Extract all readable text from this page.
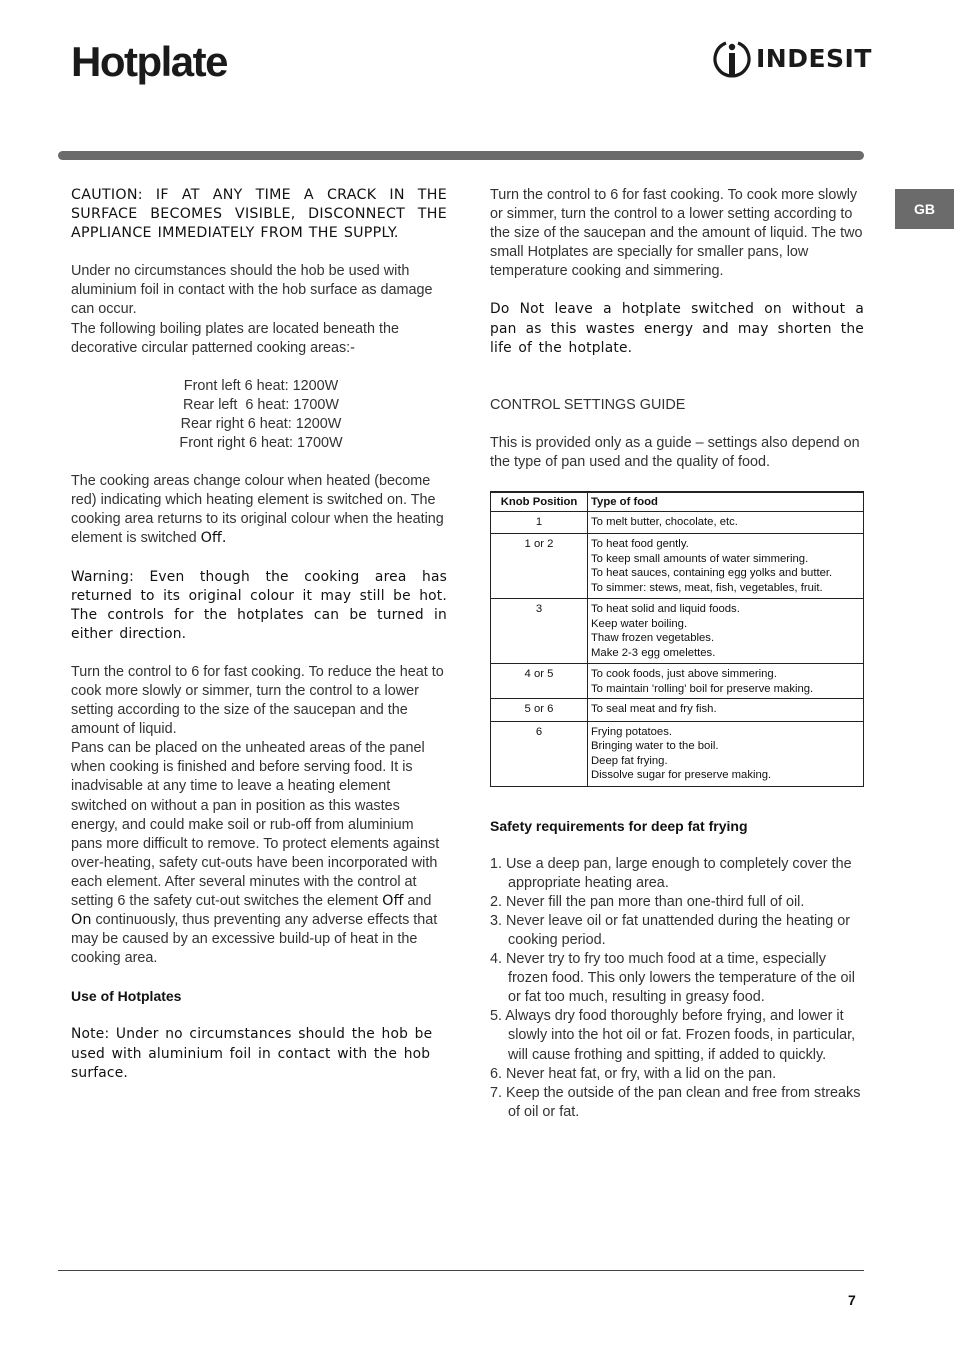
Hotplate	INDESIT
GB

CAUTION: IF AT ANY TIME A CRACK IN THE SURFACE BECOMES VISIBLE, DISCONNECT THE APPLIANCE IMMEDIATELY FROM THE SUPPLY.

Under no circumstances should the hob be used with aluminium foil in contact with the hob surface as damage can occur.

The following boiling plates are located beneath the decorative circular patterned cooking areas:-

Front left 6 heat: 1200W
Rear left  6 heat: 1700W
Rear right 6 heat: 1200W
Front right 6 heat: 1700W

The cooking areas change colour when heated (become red) indicating which heating element is switched on. The cooking area returns to its original colour when the heating element is switched Off.

Warning: Even though the cooking area has returned to its original colour it may still be hot. The controls for the hotplates can be turned in either direction.

Turn the control to 6 for fast cooking. To reduce the heat to cook more slowly or simmer, turn the control to a lower setting according to the size of the saucepan and the amount of liquid.

Pans can be placed on the unheated areas of the panel when cooking is finished and before serving food. It is inadvisable at any time to leave a heating element switched on without a pan in position as this wastes energy, and could make soil or rub-off from aluminium pans more difficult to remove. To protect elements against over-heating, safety cut-outs have been incorporated with each element. After several minutes with the control at setting 6 the safety cut-out switches the element Off and On continuously, thus preventing any adverse effects that may be caused by an excessive build-up of heat in the cooking area.

Use of Hotplates

Note: Under no circumstances should the hob be used with aluminium foil in contact with the hob surface.

Turn the control to 6 for fast cooking. To cook more slowly or simmer, turn the control to a lower setting according to the size of the saucepan and the amount of liquid. The two small Hotplates are specially for smaller pans, low temperature cooking and simmering.

Do Not leave a hotplate switched on without a pan as this wastes energy and may shorten the life of the hotplate.

CONTROL SETTINGS GUIDE

This is provided only as a guide – settings also depend on the type of pan used and the quality of food.

Knob Position	Type of food
1	To melt butter, chocolate, etc.

1 or 2	To heat food gently.
To keep small amounts of water simmering.
To heat sauces, containing egg yolks and butter.
To simmer: stews, meat, fish, vegetables, fruit.

3	To heat solid and liquid foods.
Keep water boiling.
Thaw frozen vegetables.
Make 2-3 egg omelettes.

4 or 5	To cook foods, just above simmering.
To maintain 'rolling' boil for preserve making.

5 or 6	To seal meat and fry fish.

6	Frying potatoes.
Bringing water to the boil.
Deep fat frying.
Dissolve sugar for preserve making.

Safety requirements for deep fat frying

1. Use a deep pan, large enough to completely cover the appropriate heating area.
2. Never fill the pan more than one-third full of oil.
3. Never leave oil or fat unattended during the heating or cooking period.
4. Never try to fry too much food at a time, especially frozen food. This only lowers the temperature of the oil or fat too much, resulting in greasy food.
5. Always dry food thoroughly before frying, and lower it slowly into the hot oil or fat. Frozen foods, in particular, will cause frothing and spitting, if added to quickly.
6. Never heat fat, or fry, with a lid on the pan.
7. Keep the outside of the pan clean and free from streaks of oil or fat.
7
